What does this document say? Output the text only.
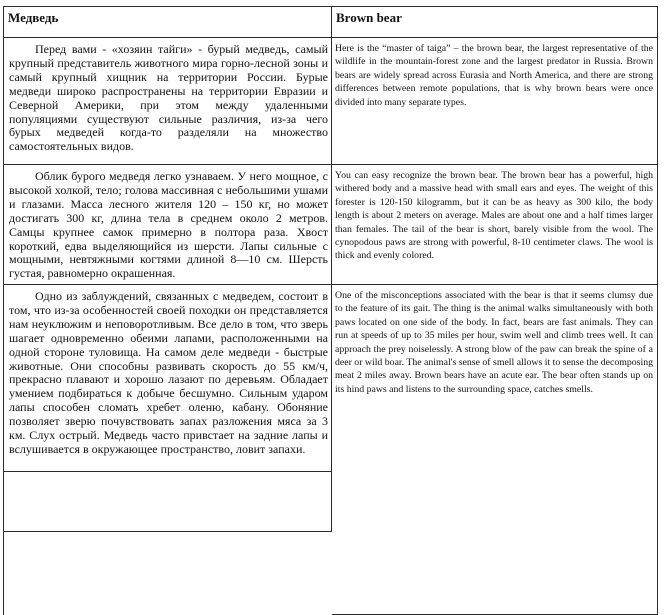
Медведь

Перед вами - «хозяин тайги» - бурый медведь, самый крупный представитель животного мира горно-лесной зоны и самый крупный хищник на территории России. Бурые медведи широко распространены на территории Евразии и Северной Америки, при этом между удаленными популяциями существуют сильные различия, из-за чего бурых медведей когда-то разделяли на множество самостоятельных видов.

Облик бурого медведя легко узнаваем. У него мощное, с высокой холкой, тело; голова массивная с небольшими ушами и глазами. Масса лесного жителя 120 – 150 кг, но может достигать 300 кг, длина тела в среднем около 2 метров. Самцы крупнее самок примерно в полтора раза. Хвост короткий, едва выделяющийся из шерсти. Лапы сильные с мощными, невтяжными когтями длиной 8—10 см. Шерсть густая, равномерно окрашенная.

Одно из заблуждений, связанных с медведем, состоит в том, что из-за особенностей своей походки он представляется нам неуклюжим и неповоротливым. Все дело в том, что зверь шагает одновременно обеими лапами, расположенными на одной стороне туловища. На самом деле медведи - быстрые животные. Они способны развивать скорость до 55 км/ч, прекрасно плавают и хорошо лазают по деревьям. Обладает умением подбираться к добыче бесшумно. Сильным ударом лапы способен сломать хребет оленю, кабану. Обоняние позволяет зверю почувствовать запах разложения мяса за 3 км. Слух острый. Медведь часто привстает на задние лапы и вслушивается в окружающее пространство, ловит запахи.

Brown bear

Here is the “master of taiga” – the brown bear, the largest representative of the wildlife in the mountain-forest zone and the largest predator in Russia. Brown bears are widely spread across Eurasia and North America, and there are strong differences between remote populations, that is why brown bears were once divided into many separate types.

You can easy recognize the brown bear. The brown bear has a powerful, high withered body and a massive head with small ears and eyes. The weight of this forester is 120-150 kilogramm, but it can be as heavy as 300 kilo, the body length is about 2 meters on average. Males are about one and a half times larger than females. The tail of the bear is short, barely visible from the wool. The cynopodous paws are strong with powerful, 8-10 centimeter claws. The wool is thick and evenly colored.

One of the misconceptions associated with the bear is that it seems clumsy due to the feature of its gait. The thing is the animal walks simultaneously with both paws located on one side of the body. In fact, bears are fast animals. They can run at speeds of up to 35 miles per hour, swim well and climb trees well. It can approach the prey noiselessly. A strong blow of the paw can break the spine of a deer or wild boar. The animal's sense of smell allows it to sense the decomposing meat 2 miles away. Brown bears have an acute ear. The bear often stands up on its hind paws and listens to the surrounding space, catches smells.
